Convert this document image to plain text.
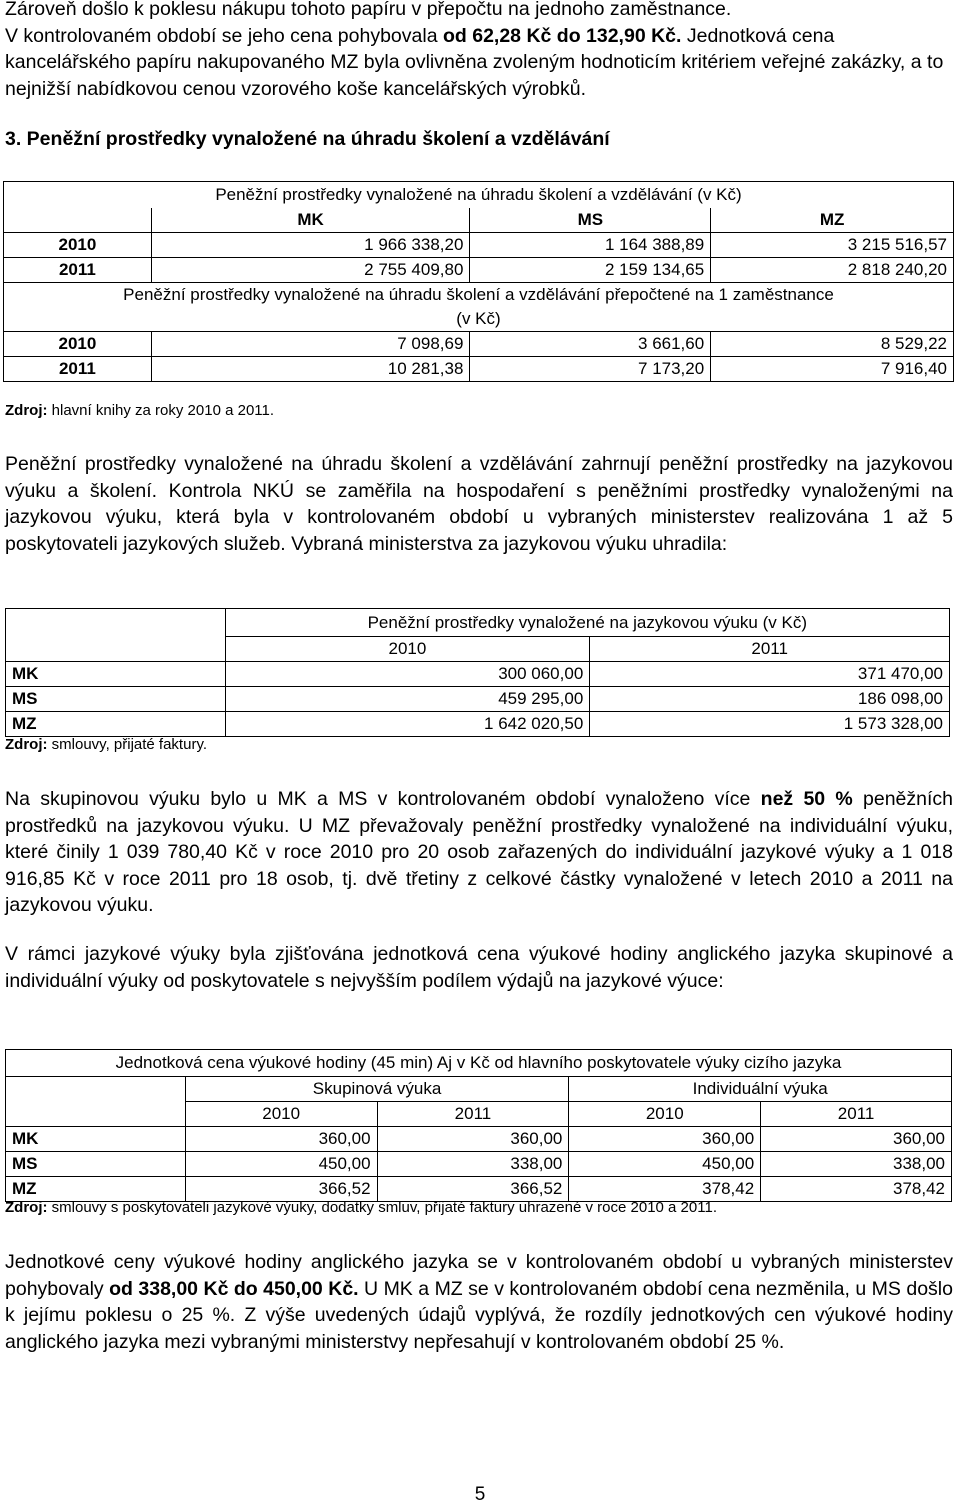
Zároveň došlo k poklesu nákupu tohoto papíru v přepočtu na jednoho zaměstnance.
V kontrolovaném období se jeho cena pohybovala od 62,28 Kč do 132,90 Kč. Jednotková cena kancelářského papíru nakupovaného MZ byla ovlivněna zvoleným hodnoticím kritériem veřejné zakázky, a to nejnižší nabídkovou cenou vzorového koše kancelářských výrobků.

3. Peněžní prostředky vynaložené na úhradu školení a vzdělávání
Peněžní prostředky vynaložené na úhradu školení a vzdělávání (v Kč)			
	MK	MS	MZ
2010	1 966 338,20	1 164 388,89	3 215 516,57
2011	2 755 409,80	2 159 134,65	2 818 240,20
Peněžní prostředky vynaložené na úhradu školení a vzdělávání přepočtené na 1 zaměstnance
(v Kč)			
2010	7 098,69	3 661,60	8 529,22
2011	10 281,38	7 173,20	7 916,40
Zdroj: hlavní knihy za roky 2010 a 2011.

Peněžní prostředky vynaložené na úhradu školení a vzdělávání zahrnují peněžní prostředky na jazykovou výuku a školení. Kontrola NKÚ se zaměřila na hospodaření s peněžními prostředky vynaloženými na jazykovou výuku, která byla v kontrolovaném období u vybraných ministerstev realizována 1 až 5 poskytovateli jazykových služeb. Vybraná ministerstva za jazykovou výuku uhradila:

	Peněžní prostředky vynaložené na jazykovou výuku (v Kč)	
	2010	2011
MK	300 060,00	371 470,00
MS	459 295,00	186 098,00
MZ	1 642 020,50	1 573 328,00
Zdroj: smlouvy, přijaté faktury.

Na skupinovou výuku bylo u MK a MS v kontrolovaném období vynaloženo více než 50 % peněžních prostředků na jazykovou výuku. U MZ převažovaly peněžní prostředky vynaložené na individuální výuku, které činily 1 039 780,40 Kč v roce 2010 pro 20 osob zařazených do individuální jazykové výuky a 1 018 916,85 Kč v roce 2011 pro 18 osob, tj. dvě třetiny z celkové částky vynaložené v letech 2010 a 2011 na jazykovou výuku.

V rámci jazykové výuky byla zjišťována jednotková cena výukové hodiny anglického jazyka skupinové a individuální výuky od poskytovatele s nejvyšším podílem výdajů na jazykové výuce:

Jednotková cena výukové hodiny (45 min) Aj v Kč od hlavního poskytovatele výuky cizího jazyka				
	Skupinová výuka		Individuální výuka	
	2010	2011	2010	2011
MK	360,00	360,00	360,00	360,00
MS	450,00	338,00	450,00	338,00
MZ	366,52	366,52	378,42	378,42
Zdroj: smlouvy s poskytovateli jazykové výuky, dodatky smluv, přijaté faktury uhrazené v roce 2010 a 2011.

Jednotkové ceny výukové hodiny anglického jazyka se v kontrolovaném období u vybraných ministerstev pohybovaly od 338,00 Kč do 450,00 Kč. U MK a MZ se v kontrolovaném období cena nezměnila, u MS došlo k jejímu poklesu o 25 %. Z výše uvedených údajů vyplývá, že rozdíly jednotkových cen výukové hodiny anglického jazyka mezi vybranými ministerstvy nepřesahují v kontrolovaném období 25 %.

5
